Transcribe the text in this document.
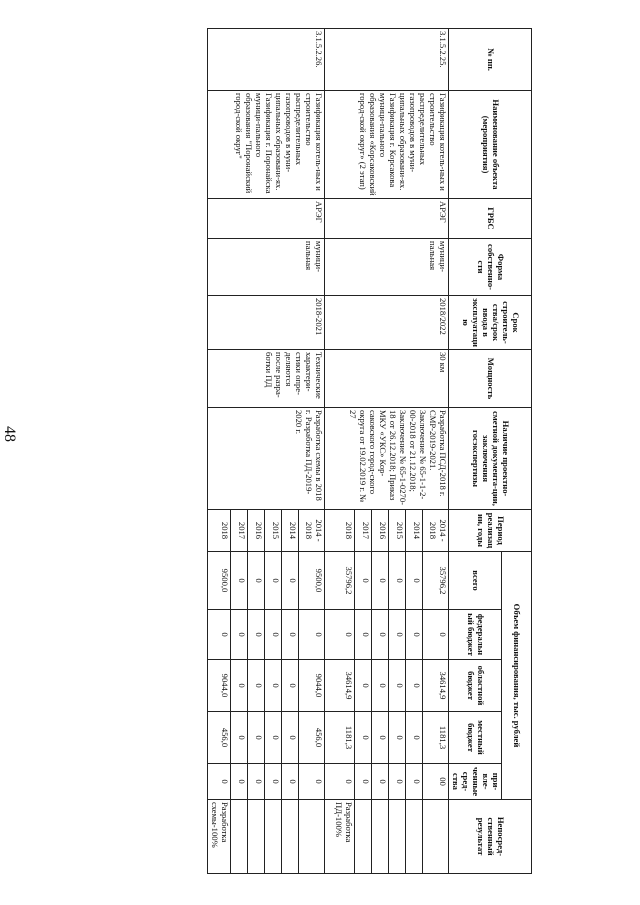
48
№ пп.	Наименование объекта (мероприятия)	ГРБС	Форма собственно-сти	Срок строитель-ства/срок ввода в эксплуатацию	Мощность	Наличие проектно-сметной документа-ции, заключения госэкспертизы	Период реализации, годы	Объем финансирования, тыс. рублей					Непосред-ственный результат
								всего	федеральный бюджет	областной бюджет	местный бюджет	при-вле-ченные сред-ства	
3.1.5.2.25.	Газификация котель-ных и строительство распределительных газопроводов в муни-ципальных образовани-ях. Газификация г. Корсакова муници-пального образования «Корсаковский город-ской округ» (2 этап)	АРЭГ	муници-пальная	2018/2022	30 км	Разработка ПСД-2018 г. СМР-2019-2021. Заключение № 65-1-1-2-00-2018 от 21.12.2018; Заключение № 65-1-0270-18 от 26.12.2018; Приказ МКУ «УКС» Кор-саковского город-ского округа от 19.02.2019 г. № 27	2014 - 2018	35796,2	0	34614,9	1181,3	00	
							2014	0	0	0	0	0	
							2015	0	0	0	0	0	
							2016	0	0	0	0	0	
							2017	0	0	0	0	0	
							2018	35796,2	0	34614,9	1181,3	0	Разработка ПД-100%
3.1.5.2.26.	Газификация котель-ных и строительство распределительных газопроводов в муни-ципальных образовани-ях. Газификация г. Поронайска муници-пального образования "Поронайский город-ской округ"	АРЭГ	муници-пальная	2018-2021	Технические характери-стики опре-деляются после разра-ботки ПД	Разработка схемы в 2018 г. Разработка ПД-2019- 2020 г.	2014 - 2018	9500,0	0	9044,0	456,0	0	
							2014	0	0	0	0	0	
							2015	0	0	0	0	0	
							2016	0	0	0	0	0	
							2017	0	0	0	0	0	
							2018	9500,0	0	9044,0	456,0	0	Разработка схемы-100%
